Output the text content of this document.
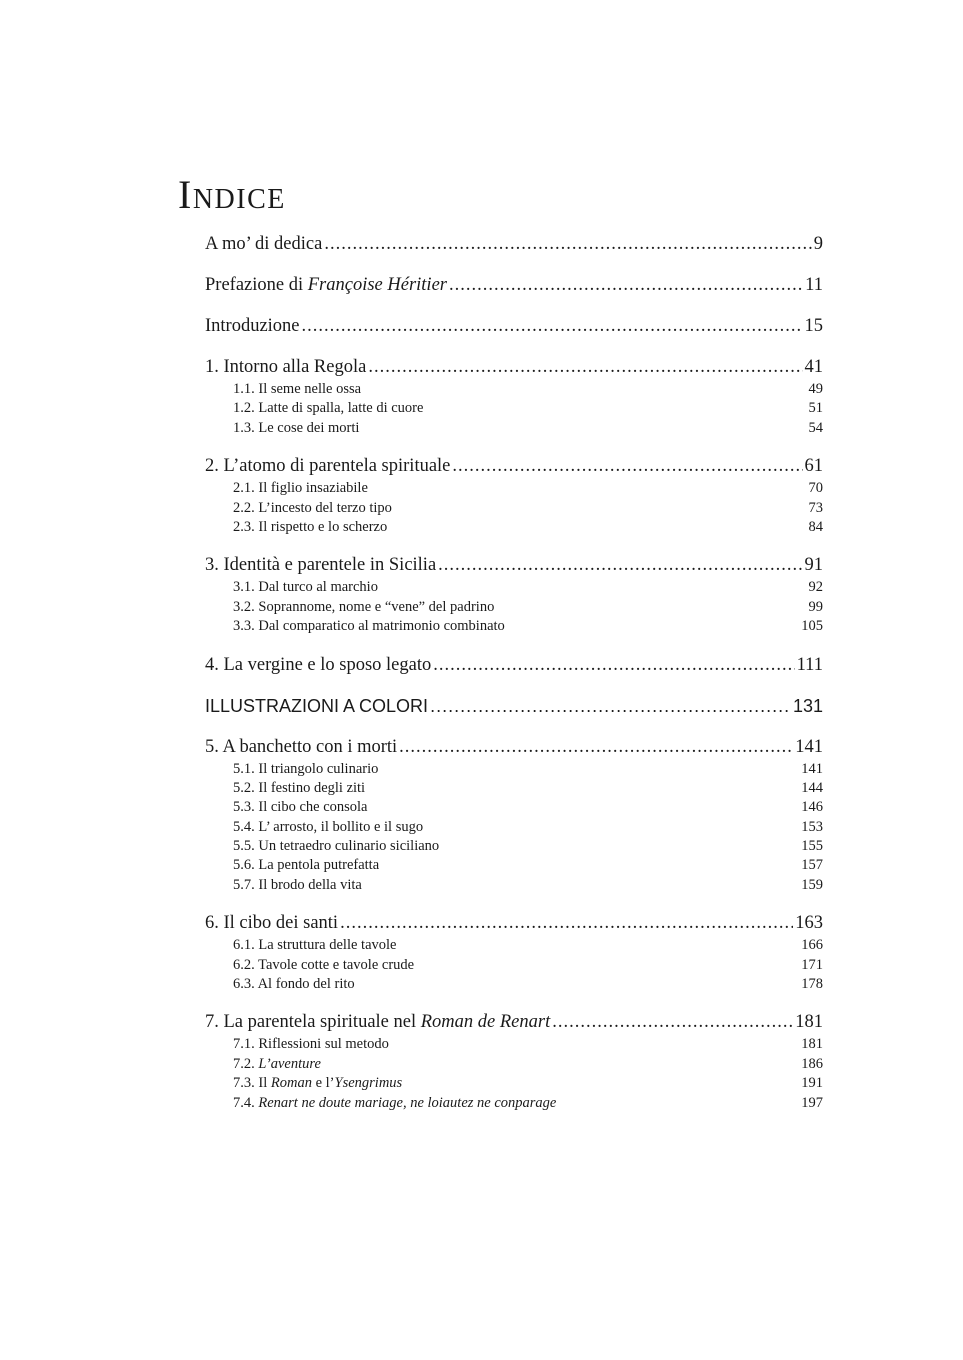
Indice
A mo’ di dedica .....	9
Prefazione di Françoise Héritier .....	11
Introduzione .....	15
1. Intorno alla Regola .....	41
1.1. Il seme nelle ossa	49
1.2. Latte di spalla, latte di cuore	51
1.3. Le cose dei morti	54
2. L’atomo di parentela spirituale .....	61
2.1. Il figlio insaziabile	70
2.2. L’incesto del terzo tipo	73
2.3. Il rispetto e lo scherzo	84
3. Identità e parentele in Sicilia .....	91
3.1. Dal turco al marchio	92
3.2. Soprannome, nome e “vene” del padrino	99
3.3. Dal comparatico al matrimonio combinato	105
4. La vergine e lo sposo legato .....	111
ILLUSTRAZIONI A COLORI .....	131
5. A banchetto con i morti .....	141
5.1. Il triangolo culinario	141
5.2. Il festino degli ziti	144
5.3. Il cibo che consola	146
5.4. L’ arrosto, il bollito e il sugo	153
5.5. Un tetraedro culinario siciliano	155
5.6. La pentola putrefatta	157
5.7. Il brodo della vita	159
6. Il cibo dei santi .....	163
6.1. La struttura delle tavole	166
6.2. Tavole cotte e tavole crude	171
6.3. Al fondo del rito	178
7. La parentela spirituale nel Roman de Renart .....	181
7.1. Riflessioni sul metodo	181
7.2. L’aventure	186
7.3. Il Roman e l’Ysengrimus	191
7.4. Renart ne doute mariage, ne loiautez ne conparage	197
